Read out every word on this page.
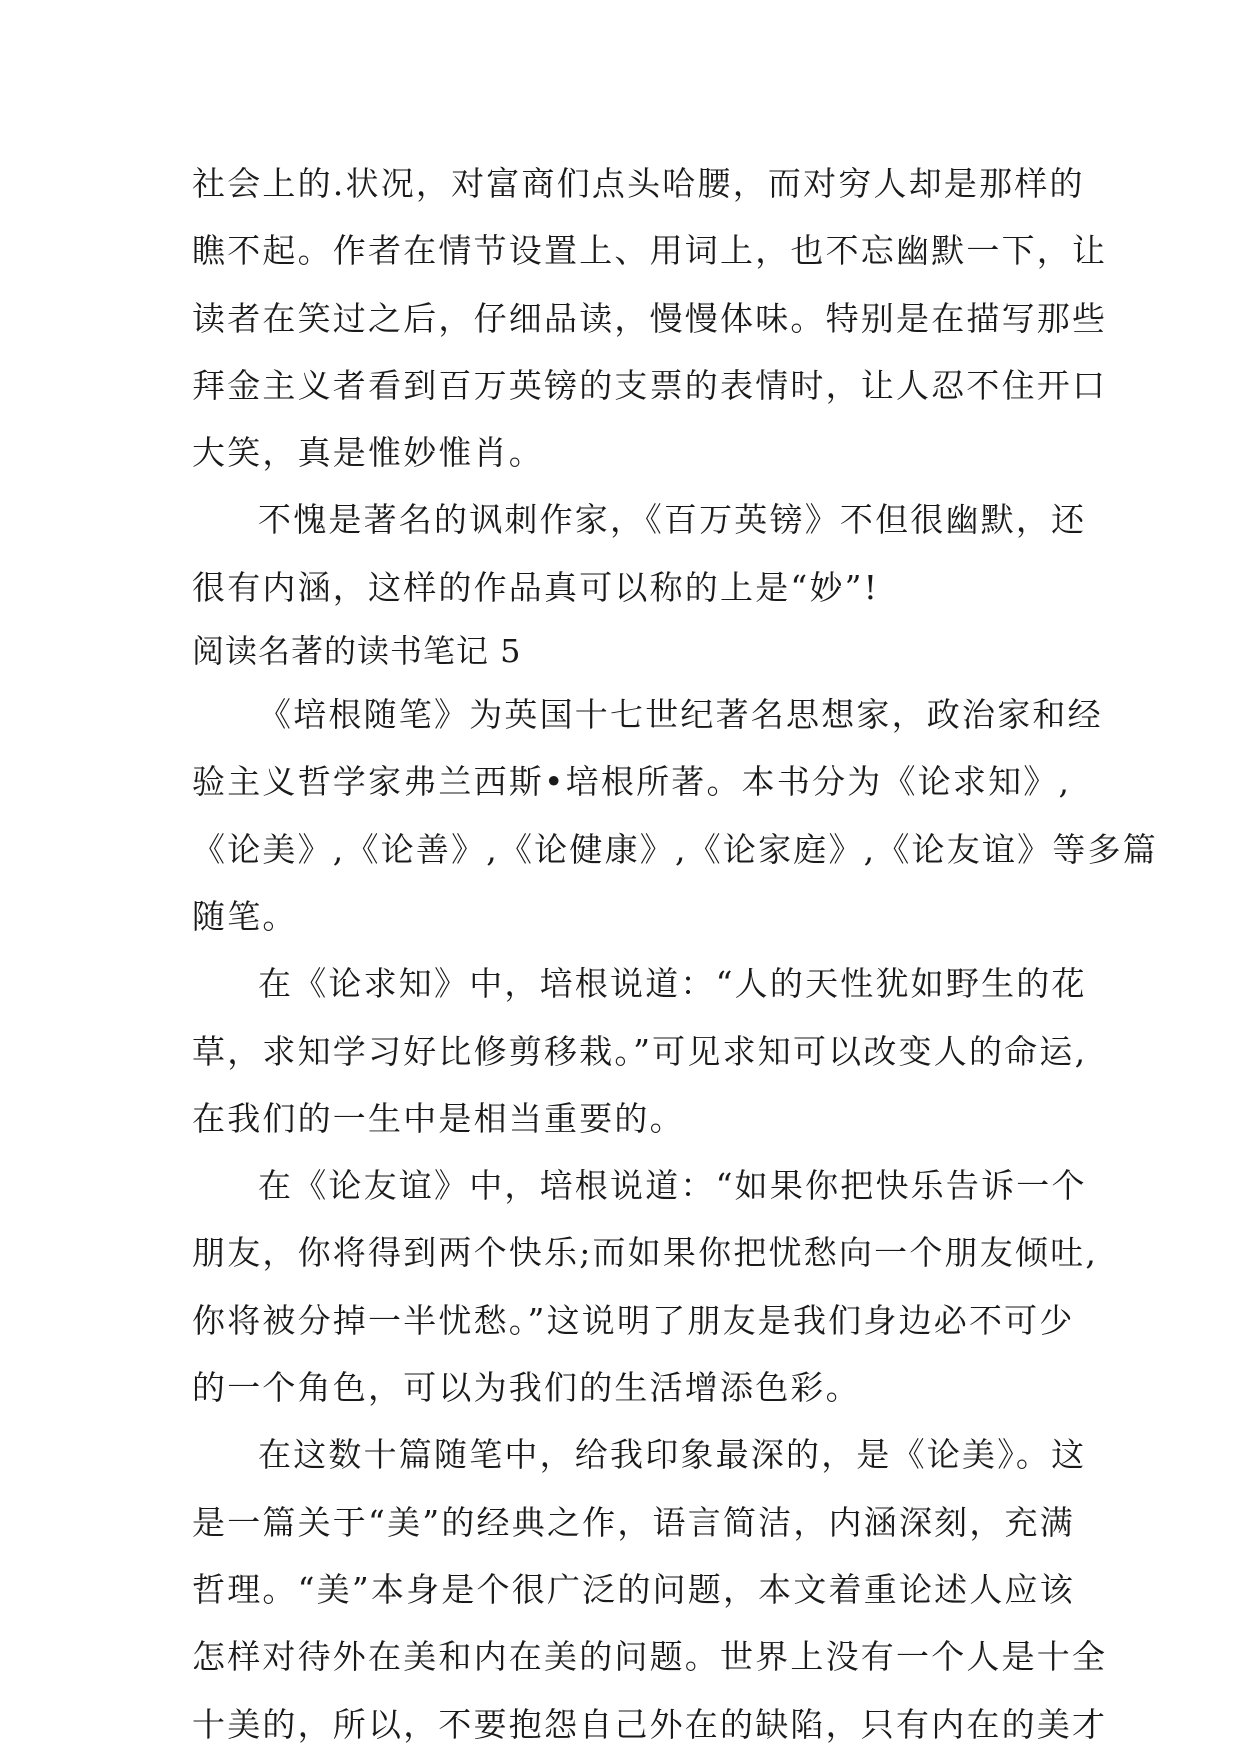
社会上的.状况，对富商们点头哈腰，而对穷人却是那样的
瞧不起。作者在情节设置上、用词上，也不忘幽默一下，让
读者在笑过之后，仔细品读，慢慢体味。特别是在描写那些
拜金主义者看到百万英镑的支票的表情时，让人忍不住开口
大笑，真是惟妙惟肖。
不愧是著名的讽刺作家，《百万英镑》不但很幽默，还
很有内涵，这样的作品真可以称的上是“妙”!
阅读名著的读书笔记 5
《培根随笔》为英国十七世纪著名思想家，政治家和经
验主义哲学家弗兰西斯•培根所著。本书分为《论求知》,
《论美》,《论善》,《论健康》,《论家庭》,《论友谊》等多篇
随笔。
在《论求知》中，培根说道：“人的天性犹如野生的花
草，求知学习好比修剪移栽。”可见求知可以改变人的命运,
在我们的一生中是相当重要的。
在《论友谊》中，培根说道：“如果你把快乐告诉一个
朋友，你将得到两个快乐;而如果你把忧愁向一个朋友倾吐,
你将被分掉一半忧愁。”这说明了朋友是我们身边必不可少
的一个角色，可以为我们的生活增添色彩。
在这数十篇随笔中，给我印象最深的，是《论美》。这
是一篇关于“美”的经典之作，语言简洁，内涵深刻，充满
哲理。“美”本身是个很广泛的问题，本文着重论述人应该
怎样对待外在美和内在美的问题。世界上没有一个人是十全
十美的，所以，不要抱怨自己外在的缺陷，只有内在的美才
